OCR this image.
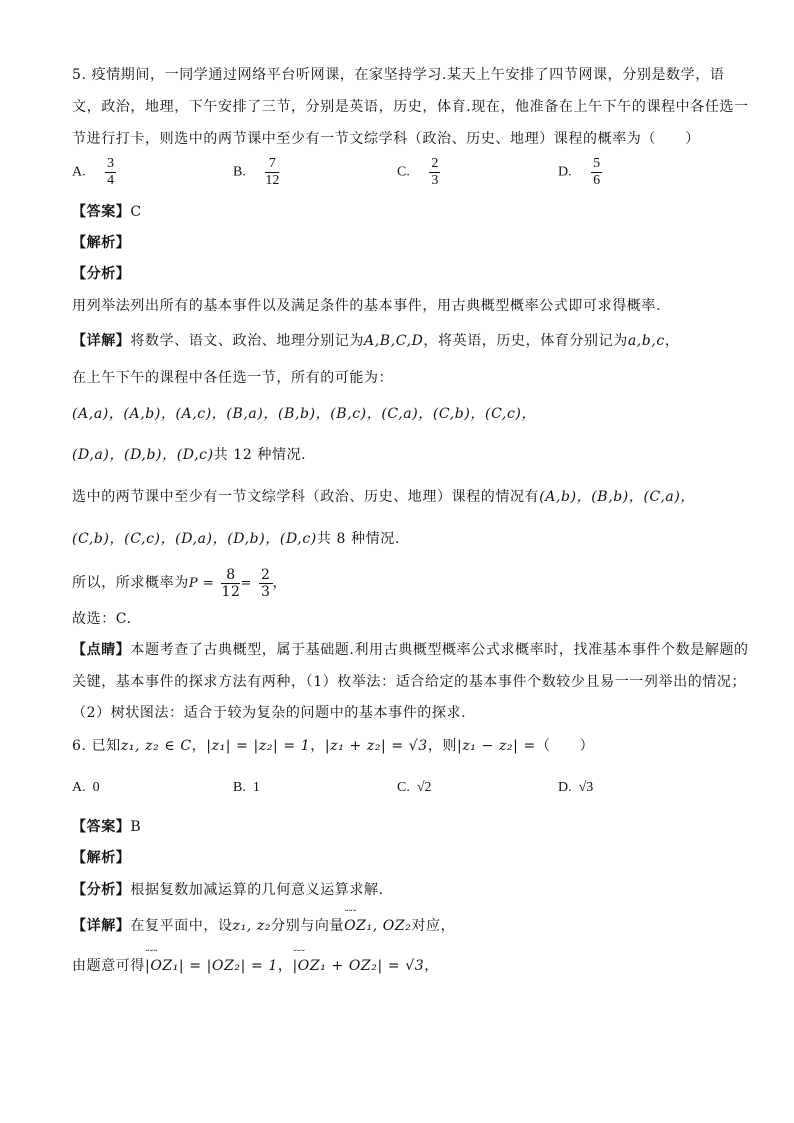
5. 疫情期间，一同学通过网络平台听网课，在家坚持学习.某天上午安排了四节网课，分别是数学，语
文，政治，地理，下午安排了三节，分别是英语，历史，体育.现在，他准备在上午下午的课程中各任选一
节进行打卡，则选中的两节课中至少有一节文综学科（政治、历史、地理）课程的概率为（　　）
A. $\frac{3}{4}$	B. $\frac{7}{12}$	C. $\frac{2}{3}$	D. $\frac{5}{6}$
【答案】C
【解析】
【分析】
用列举法列出所有的基本事件以及满足条件的基本事件，用古典概型概率公式即可求得概率.
【详解】将数学、语文、政治、地理分别记为A,B,C,D，将英语，历史，体育分别记为a,b,c，
在上午下午的课程中各任选一节，所有的可能为：
(A,a)，(A,b)，(A,c)，(B,a)，(B,b)，(B,c)，(C,a)，(C,b)，(C,c)，
(D,a)，(D,b)，(D,c)共 12 种情况.
选中的两节课中至少有一节文综学科（政治、历史、地理）课程的情况有(A,b)，(B,b)，(C,a)，
(C,b)，(C,c)，(D,a)，(D,b)，(D,c)共 8 种情况.
所以，所求概率为$P = \frac{8}{12} = \frac{2}{3}$ ，
故选：C.
【点睛】本题考查了古典概型，属于基础题.利用古典概型概率公式求概率时，找准基本事件个数是解题的
关键，基本事件的探求方法有两种，（1）枚举法：适合给定的基本事件个数较少且易一一列举出的情况；
（2）树状图法：适合于较为复杂的问题中的基本事件的探求.
6. 已知z₁, z₂ ∈ C，|z₁| = |z₂| = 1，|z₁ + z₂| = √3，则|z₁ − z₂| =（　　）
A. 0	B. 1	C. √2	D. √3
【答案】B
【解析】
【分析】根据复数加减运算的几何意义运算求解.
【详解】在复平面中，设z₁, z₂分别与向量˘˘˘ OZ₁, OZ₂对应，
由题意可得˘˘˘ |OZ₁| = |OZ₂| = 1，˘˘˘ |OZ₁ + OZ₂| = √3，
